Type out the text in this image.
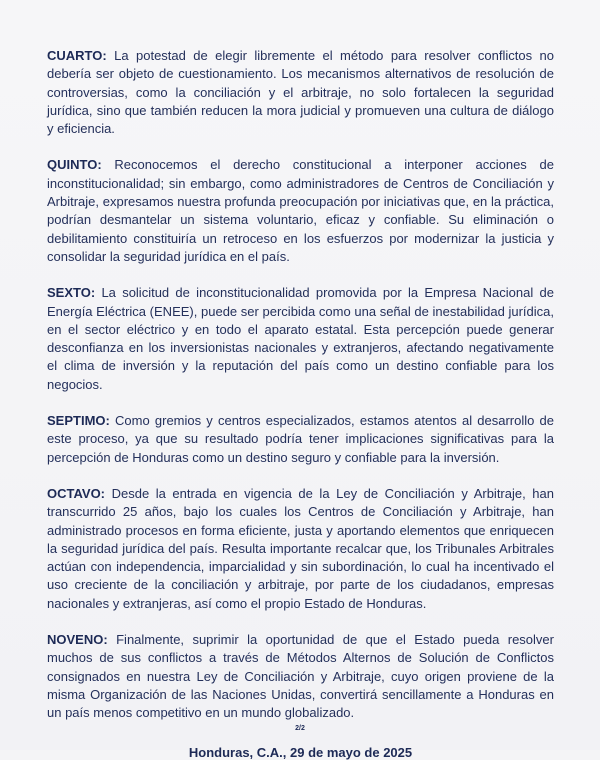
CUARTO: La potestad de elegir libremente el método para resolver conflictos no debería ser objeto de cuestionamiento. Los mecanismos alternativos de resolución de controversias, como la conciliación y el arbitraje, no solo fortalecen la seguridad jurídica, sino que también reducen la mora judicial y promueven una cultura de diálogo y eficiencia.

QUINTO: Reconocemos el derecho constitucional a interponer acciones de inconstitucionalidad; sin embargo, como administradores de Centros de Conciliación y Arbitraje, expresamos nuestra profunda preocupación por iniciativas que, en la práctica, podrían desmantelar un sistema voluntario, eficaz y confiable. Su eliminación o debilitamiento constituiría un retroceso en los esfuerzos por modernizar la justicia y consolidar la seguridad jurídica en el país.

SEXTO: La solicitud de inconstitucionalidad promovida por la Empresa Nacional de Energía Eléctrica (ENEE), puede ser percibida como una señal de inestabilidad jurídica, en el sector eléctrico y en todo el aparato estatal. Esta percepción puede generar desconfianza en los inversionistas nacionales y extranjeros, afectando negativamente el clima de inversión y la reputación del país como un destino confiable para los negocios.

SEPTIMO: Como gremios y centros especializados, estamos atentos al desarrollo de este proceso, ya que su resultado podría tener implicaciones significativas para la percepción de Honduras como un destino seguro y confiable para la inversión.

OCTAVO: Desde la entrada en vigencia de la Ley de Conciliación y Arbitraje, han transcurrido 25 años, bajo los cuales los Centros de Conciliación y Arbitraje, han administrado procesos en forma eficiente, justa y aportando elementos que enriquecen la seguridad jurídica del país. Resulta importante recalcar que, los Tribunales Arbitrales actúan con independencia, imparcialidad y sin subordinación, lo cual ha incentivado el uso creciente de la conciliación y arbitraje, por parte de los ciudadanos, empresas nacionales y extranjeras, así como el propio Estado de Honduras.

NOVENO: Finalmente, suprimir la oportunidad de que el Estado pueda resolver muchos de sus conflictos a través de Métodos Alternos de Solución de Conflictos consignados en nuestra Ley de Conciliación y Arbitraje, cuyo origen proviene de la misma Organización de las Naciones Unidas, convertirá sencillamente a Honduras en un país menos competitivo en un mundo globalizado.

Honduras, C.A., 29 de mayo de 2025
2/2
